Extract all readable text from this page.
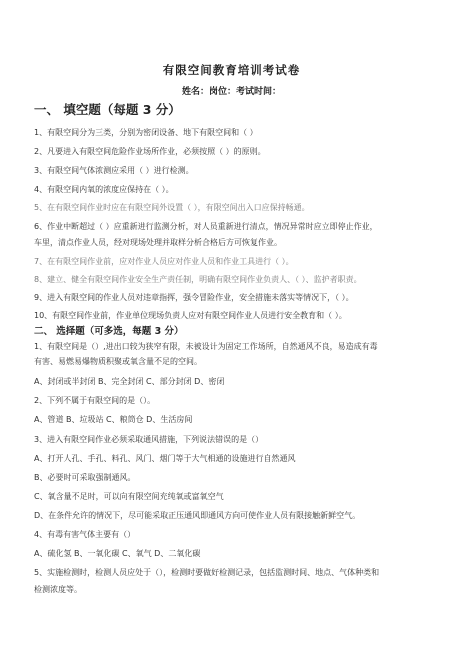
有限空间教育培训考试卷
姓名：岗位：考试时间：
一、 填空题（每题 3 分）
1、有限空间分为三类，分别为密闭设备、地下有限空间和（ ）
2、凡要进入有限空间危险作业场所作业，必须按照（ ）的原则。
3、有限空间气体浓测应采用（ ）进行检测。
4、有限空间内氧的浓度应保持在（ ）。
5、在有限空间作业时应在有限空间外设置（ ），有限空间出入口应保持畅通。
6、作业中断超过（ ）应重新进行监测分析，对人员重新进行清点，情况异常时应立即停止作业，
车里，清点作业人员，经对现场处理并取样分析合格后方可恢复作业。
7、在有限空间作业前，应对作业人员应对作业人员和作业工具进行（ ）。
8、建立、健全有限空间作业安全生产责任制，明确有限空间作业负责人、（ ）、监护者职责。
9、进入有限空间的作业人员对违章指挥，强令冒险作业，安全措施未落实等情况下，（ ）。
10、有限空间作业前，作业单位现场负责人应对有限空间作业人员进行安全教育和（ ）。
二、 选择题（可多选，每题 3 分）
1、有限空间是（）,进出口较为狭窄有限，未被设计为固定工作场所，自然通风不良，易造成有毒
有害、易燃易爆物质积聚或氧含量不足的空间。
A、封闭或半封闭 B、完全封闭 C、部分封闭 D、密闭
2、下列不属于有限空间的是（）。
A、管道 B、垃圾站 C、粮筒仓 D、生活房间
3、进入有限空间作业必须采取通风措施，下列说法错误的是（）
A、打开人孔、手孔、料孔、风门、烟门等于大气相通的设施进行自然通风
B、必要时可采取强制通风。
C、氧含量不足时，可以向有限空间充纯氧或富氧空气
D、在条件允许的情况下，尽可能采取正压通风即通风方向可使作业人员有限接触新鲜空气。
4、有毒有害气体主要有（）
A、硫化氢 B、一氧化碳 C、氧气 D、二氧化碳
5、实施检测时，检测人员应处于（），检测时要做好检测记录，包括监测时间、地点、气体种类和
检测浓度等。
